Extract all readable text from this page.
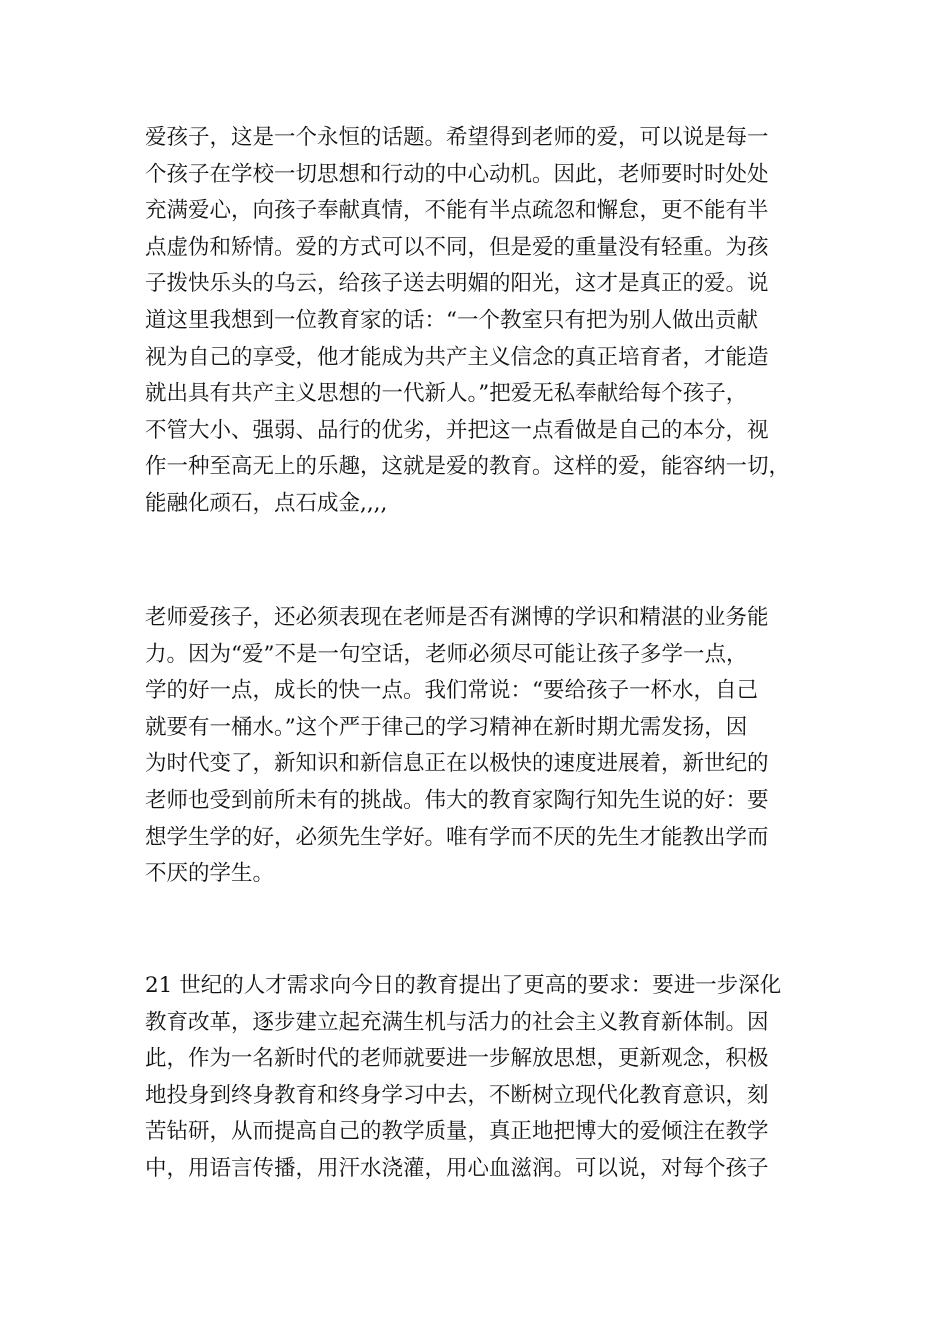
爱孩子，这是一个永恒的话题。希望得到老师的爱，可以说是每一
个孩子在学校一切思想和行动的中心动机。因此，老师要时时处处
充满爱心，向孩子奉献真情，不能有半点疏忽和懈怠，更不能有半
点虚伪和矫情。爱的方式可以不同，但是爱的重量没有轻重。为孩
子拨快乐头的乌云，给孩子送去明媚的阳光，这才是真正的爱。说
道这里我想到一位教育家的话：“一个教室只有把为别人做出贡献
视为自己的享受，他才能成为共产主义信念的真正培育者，才能造
就出具有共产主义思想的一代新人。”把爱无私奉献给每个孩子，
不管大小、强弱、品行的优劣，并把这一点看做是自己的本分，视
作一种至高无上的乐趣，这就是爱的教育。这样的爱，能容纳一切，
能融化顽石，点石成金,,,,

老师爱孩子，还必须表现在老师是否有渊博的学识和精湛的业务能
力。因为“爱”不是一句空话，老师必须尽可能让孩子多学一点，
学的好一点，成长的快一点。我们常说：“要给孩子一杯水，自己
就要有一桶水。”这个严于律己的学习精神在新时期尤需发扬，因
为时代变了，新知识和新信息正在以极快的速度进展着，新世纪的
老师也受到前所未有的挑战。伟大的教育家陶行知先生说的好：要
想学生学的好，必须先生学好。唯有学而不厌的先生才能教出学而
不厌的学生。

21 世纪的人才需求向今日的教育提出了更高的要求：要进一步深化
教育改革，逐步建立起充满生机与活力的社会主义教育新体制。因
此，作为一名新时代的老师就要进一步解放思想，更新观念，积极
地投身到终身教育和终身学习中去，不断树立现代化教育意识，刻
苦钻研，从而提高自己的教学质量，真正地把博大的爱倾注在教学
中，用语言传播，用汗水浇灌，用心血滋润。可以说，对每个孩子
